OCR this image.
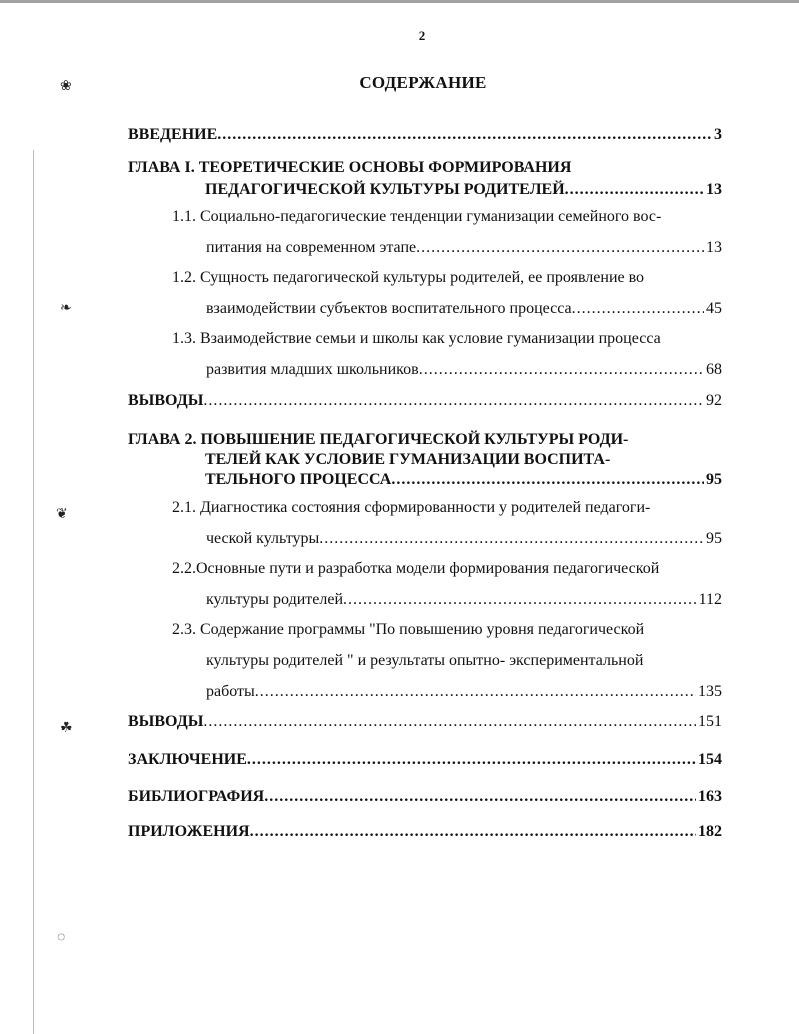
2
СОДЕРЖАНИЕ
❀
❧
❦
☘
◌
ВВЕДЕНИЕ .....	3
ГЛАВА I. ТЕОРЕТИЧЕСКИЕ ОСНОВЫ ФОРМИРОВАНИЯ
ПЕДАГОГИЧЕСКОЙ КУЛЬТУРЫ РОДИТЕЛЕЙ .....	13
1.1. Социально-педагогические тенденции гуманизации семейного вос-
питания на современном этапе .....	13
1.2. Сущность педагогической культуры родителей, ее проявление во
взаимодействии субъектов воспитательного процесса .....	45
1.3. Взаимодействие семьи и школы как условие гуманизации процесса
развития младших школьников .....	68
ВЫВОДЫ .....	92
ГЛАВА 2. ПОВЫШЕНИЕ ПЕДАГОГИЧЕСКОЙ КУЛЬТУРЫ РОДИ-
ТЕЛЕЙ КАК УСЛОВИЕ ГУМАНИЗАЦИИ ВОСПИТА-
ТЕЛЬНОГО ПРОЦЕССА .....	95
2.1. Диагностика состояния сформированности у родителей педагоги-
ческой культуры .....	95
2.2.Основные пути и разработка модели формирования педагогической
культуры родителей .....	112
2.3. Содержание программы "По повышению уровня педагогической
культуры родителей " и результаты опытно- экспериментальной
работы .....	135
ВЫВОДЫ .....	151
ЗАКЛЮЧЕНИЕ .....	154
БИБЛИОГРАФИЯ .....	163
ПРИЛОЖЕНИЯ .....	182
